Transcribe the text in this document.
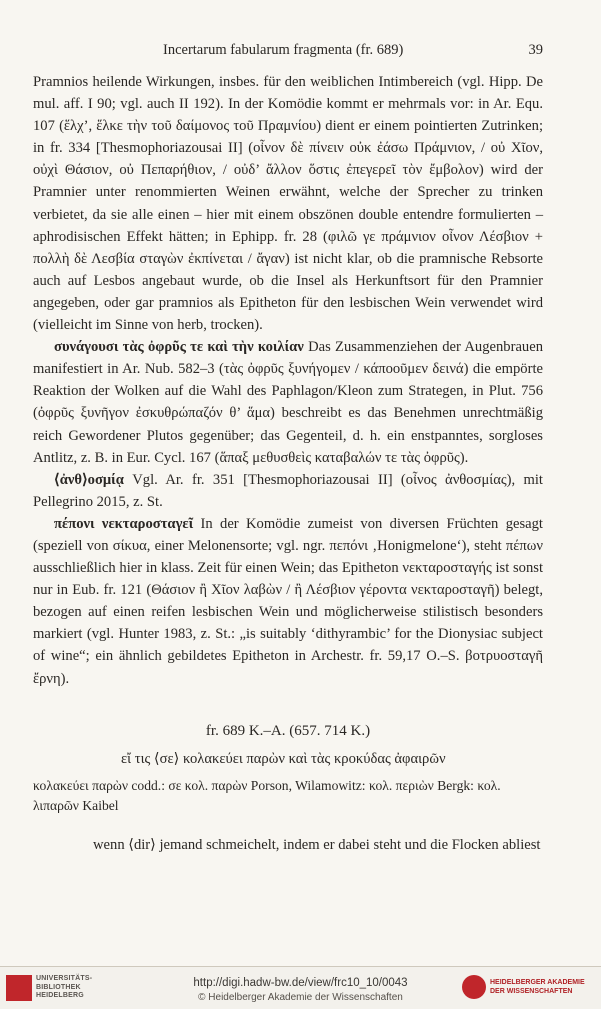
Incertarum fabularum fragmenta (fr. 689)	39

Pramnios heilende Wirkungen, insbes. für den weiblichen Intimbereich (vgl. Hipp. De mul. aff. I 90; vgl. auch II 192). In der Komödie kommt er mehrmals vor: in Ar. Equ. 107 (ἕλχ’, ἕλκε τὴν τοῦ δαίμονος τοῦ Πραμνίου) dient er einem pointierten Zutrinken; in fr. 334 [Thesmophoriazousai II] (οἶνον δὲ πίνειν οὐκ ἐάσω Πράμνιον, / οὐ Χῖον, οὐχὶ Θάσιον, οὐ Πεπαρήθιον, / οὐδ’ ἄλλον ὅστις ἐπεγερεῖ τὸν ἔμβολον) wird der Pramnier unter renommierten Weinen erwähnt, welche der Sprecher zu trinken verbietet, da sie alle einen – hier mit einem obszönen double entendre formulierten – aphrodisischen Effekt hätten; in Ephipp. fr. 28 (φιλῶ γε πράμνιον οἶνον Λέσβιον + πολλὴ δὲ Λεσβία σταγὼν ἐκπίνεται / ἄγαν) ist nicht klar, ob die pramnische Rebsorte auch auf Lesbos angebaut wurde, ob die Insel als Herkunftsort für den Pramnier angegeben, oder gar pramnios als Epitheton für den lesbischen Wein verwendet wird (vielleicht im Sinne von herb, trocken).

συνάγουσι τὰς ὀφρῦς τε καὶ τὴν κοιλίαν Das Zusammenziehen der Augenbrauen manifestiert in Ar. Nub. 582–3 (τὰς ὀφρῦς ξυνήγομεν / κάποοῦμεν δεινά) die empörte Reaktion der Wolken auf die Wahl des Paphlagon/Kleon zum Strategen, in Plut. 756 (ὀφρῦς ξυνῆγον ἐσκυθρώπαζόν θ’ ἅμα) beschreibt es das Benehmen unrechtmäßig reich Gewordener Plutos gegenüber; das Gegenteil, d. h. ein enstpanntes, sorgloses Antlitz, z. B. in Eur. Cycl. 167 (ἅπαξ μεθυσθεὶς καταβαλών τε τὰς ὀφρῦς).

⟨ἀνθ⟩οσμίᾳ Vgl. Ar. fr. 351 [Thesmophoriazousai II] (οἶνος ἀνθοσμίας), mit Pellegrino 2015, z. St.

πέπονι νεκταροσταγεῖ In der Komödie zumeist von diversen Früchten gesagt (speziell von σίκυα, einer Melonensorte; vgl. ngr. πεπόνι ‚Honigmelone‘), steht πέπων ausschließlich hier in klass. Zeit für einen Wein; das Epitheton νεκταροσταγής ist sonst nur in Eub. fr. 121 (Θάσιον ἢ Χῖον λαβὼν / ἢ Λέσβιον γέροντα νεκταροσταγῆ) belegt, bezogen auf einen reifen lesbischen Wein und möglicherweise stilistisch besonders markiert (vgl. Hunter 1983, z. St.: „is suitably ‘dithyrambic’ for the Dionysiac subject of wine“; ein ähnlich gebildetes Epitheton in Archestr. fr. 59,17 O.–S. βοτρυοσταγῆ ἔρνη).

fr. 689 K.–A. (657. 714 K.)

εἴ τις ⟨σε⟩ κολακεύει παρὼν καὶ τὰς κροκύδας ἀφαιρῶν

κολακεύει παρὼν codd.: σε κολ. παρὼν Porson, Wilamowitz: κολ. περιὼν Bergk: κολ. λιπαρῶν Kaibel

wenn ⟨dir⟩ jemand schmeichelt, indem er dabei steht und die Flocken abliest

UNIVERSITÄTS-
BIBLIOTHEK
HEIDELBERG
http://digi.hadw-bw.de/view/frc10_10/0043
© Heidelberger Akademie der Wissenschaften
HEIDELBERGER AKADEMIE
DER WISSENSCHAFTEN
